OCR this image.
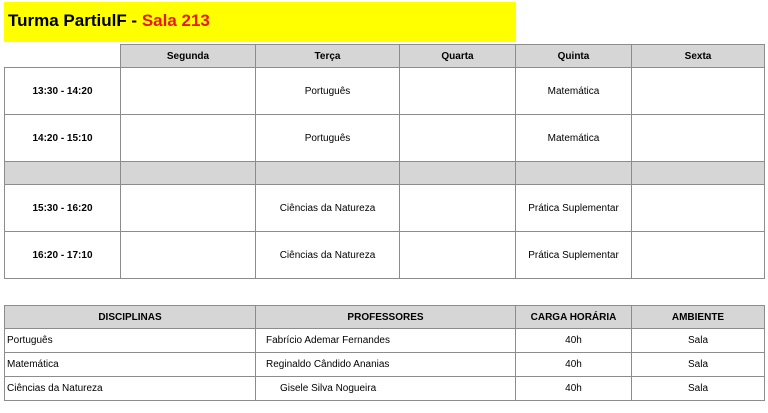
Turma PartiulF - Sala 213
	Segunda	Terça	Quarta	Quinta	Sexta
13:30 - 14:20		Português		Matemática	
14:20 - 15:10		Português		Matemática	

15:30 - 16:20		Ciências da Natureza		Prática Suplementar	
16:20 - 17:10		Ciências da Natureza		Prática Suplementar	
DISCIPLINAS	PROFESSORES	CARGA HORÁRIA	AMBIENTE
Português	Fabrício Ademar Fernandes	40h	Sala
Matemática	Reginaldo Cândido Ananias	40h	Sala
Ciências da Natureza	Gisele Silva Nogueira	40h	Sala
